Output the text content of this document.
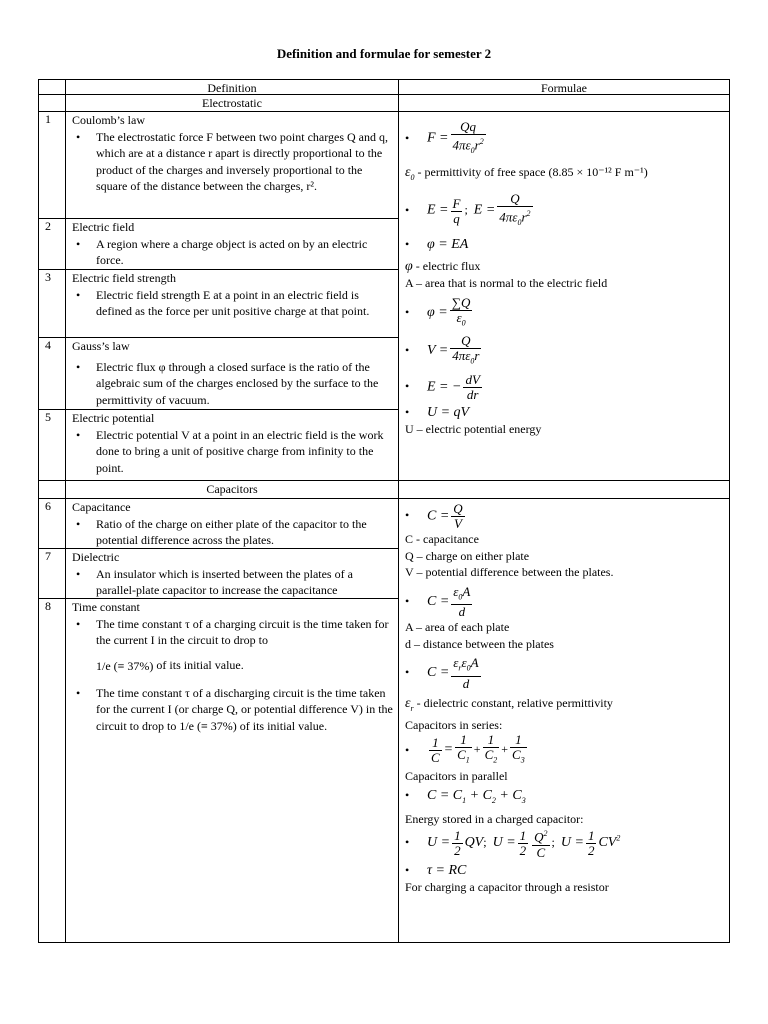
Definition and formulae for semester 2
Definition	Formulae
Electrostatic
Capacitors
1 Coulomb’s law
• The electrostatic force F between two point charges Q and q, which are at a distance r apart is directly proportional to the product of the charges and inversely proportional to the square of the distance between the charges, r².
2 Electric field
• A region where a charge object is acted on by an electric force.
3 Electric field strength
• Electric field strength E at a point in an electric field is defined as the force per unit positive charge at that point.
4 Gauss’s law
• Electric flux φ through a closed surface is the ratio of the algebraic sum of the charges enclosed by the surface to the permittivity of vacuum.
5 Electric potential
• Electric potential V at a point in an electric field is the work done to bring a unit of positive charge from infinity to the point.
6 Capacitance
• Ratio of the charge on either plate of the capacitor to the potential difference across the plates.
7 Dielectric
• An insulator which is inserted between the plates of a parallel-plate capacitor to increase the capacitance
8 Time constant
• The time constant τ of a charging circuit is the time taken for the current I in the circuit to drop to
1/e (≡ 37%) of its initial value.
• The time constant τ of a discharging circuit is the time taken for the current I (or charge Q, or potential difference V) in the circuit to drop to 1/e (≡ 37%) of its initial value.
• $F = \frac{Qq}{4\pi\varepsilon_0r^2}$
$\varepsilon_0$ - permittivity of free space (8.85 × 10⁻¹² F m⁻¹)
• $E = \frac{F}{q}$ ;  $E = \frac{Q}{4\pi\varepsilon_0r^2}$
• φ = EA
φ - electric flux
A – area that is normal to the electric field
• $\varphi = \frac{\sum Q}{\varepsilon_0}$
• $V = \frac{Q}{4\pi\varepsilon_0r}$
• E = − $\frac{dV}{dr}$
• U = qV
U – electric potential energy
• $C = \frac{Q}{V}$
C - capacitance
Q – charge on either plate
V – potential difference between the plates.
• $C = \frac{\varepsilon_0A}{d}$
A – area of each plate
d – distance between the plates
• C =
$\varepsilon_r\varepsilon_0A$
d
$\varepsilon_r$ - dielectric constant, relative permittivity
Capacitors in series:
• $\frac{1}{C} = \frac{1}{C_1} + \frac{1}{C_2} + \frac{1}{C_3}$
Capacitors in parallel
• $C = C_1 + C_2 + C_3$
Energy stored in a charged capacitor:
• $U = \frac{1}{2}$ QV;  $U = \frac{1}{2} \frac{Q^2}{C}$ ;  $U = \frac{1}{2} CV^2$
• τ = RC
For charging a capacitor through a resistor
